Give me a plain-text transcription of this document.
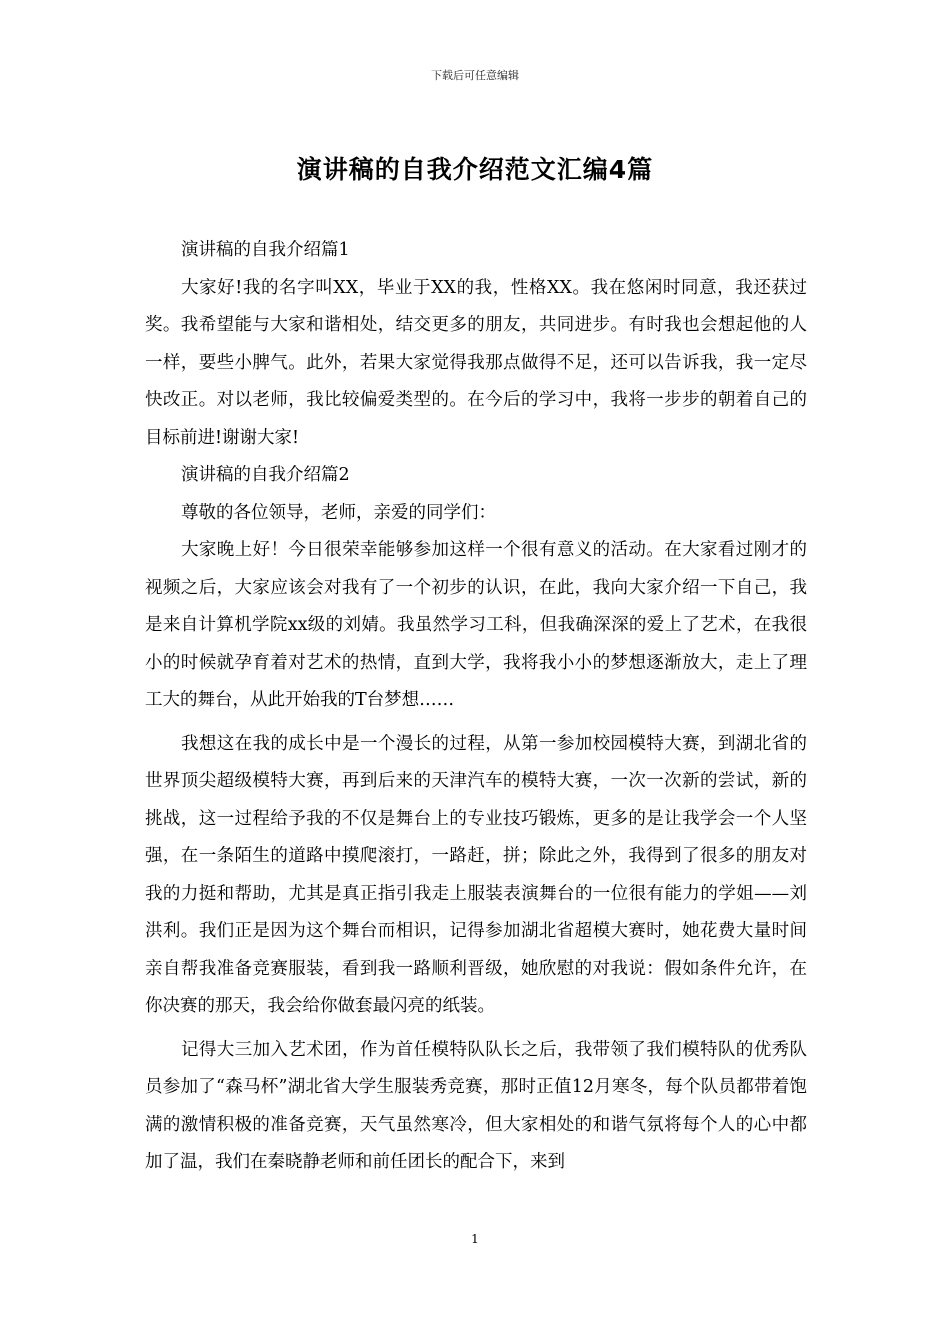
下载后可任意编辑
演讲稿的自我介绍范文汇编4篇

演讲稿的自我介绍篇1

大家好!我的名字叫XX，毕业于XX的我，性格XX。我在悠闲时同意，我还获过奖。我希望能与大家和谐相处，结交更多的朋友，共同进步。有时我也会想起他的人一样，要些小脾气。此外，若果大家觉得我那点做得不足，还可以告诉我，我一定尽快改正。对以老师，我比较偏爱类型的。在今后的学习中，我将一步步的朝着自己的目标前进!谢谢大家!

演讲稿的自我介绍篇2

尊敬的各位领导，老师，亲爱的同学们：

大家晚上好！今日很荣幸能够参加这样一个很有意义的活动。在大家看过刚才的视频之后，大家应该会对我有了一个初步的认识，在此，我向大家介绍一下自己，我是来自计算机学院xx级的刘婧。我虽然学习工科，但我确深深的爱上了艺术，在我很小的时候就孕育着对艺术的热情，直到大学，我将我小小的梦想逐渐放大，走上了理工大的舞台，从此开始我的T台梦想……

我想这在我的成长中是一个漫长的过程，从第一参加校园模特大赛，到湖北省的世界顶尖超级模特大赛，再到后来的天津汽车的模特大赛，一次一次新的尝试，新的挑战，这一过程给予我的不仅是舞台上的专业技巧锻炼，更多的是让我学会一个人坚强，在一条陌生的道路中摸爬滚打，一路赶，拼；除此之外，我得到了很多的朋友对我的力挺和帮助，尤其是真正指引我走上服装表演舞台的一位很有能力的学姐——刘洪利。我们正是因为这个舞台而相识，记得参加湖北省超模大赛时，她花费大量时间亲自帮我准备竞赛服装，看到我一路顺利晋级，她欣慰的对我说：假如条件允许，在你决赛的那天，我会给你做套最闪亮的纸装。

记得大三加入艺术团，作为首任模特队队长之后，我带领了我们模特队的优秀队员参加了“森马杯”湖北省大学生服装秀竞赛，那时正值12月寒冬，每个队员都带着饱满的激情积极的准备竞赛，天气虽然寒冷，但大家相处的和谐气氛将每个人的心中都加了温，我们在秦晓静老师和前任团长的配合下，来到

1
